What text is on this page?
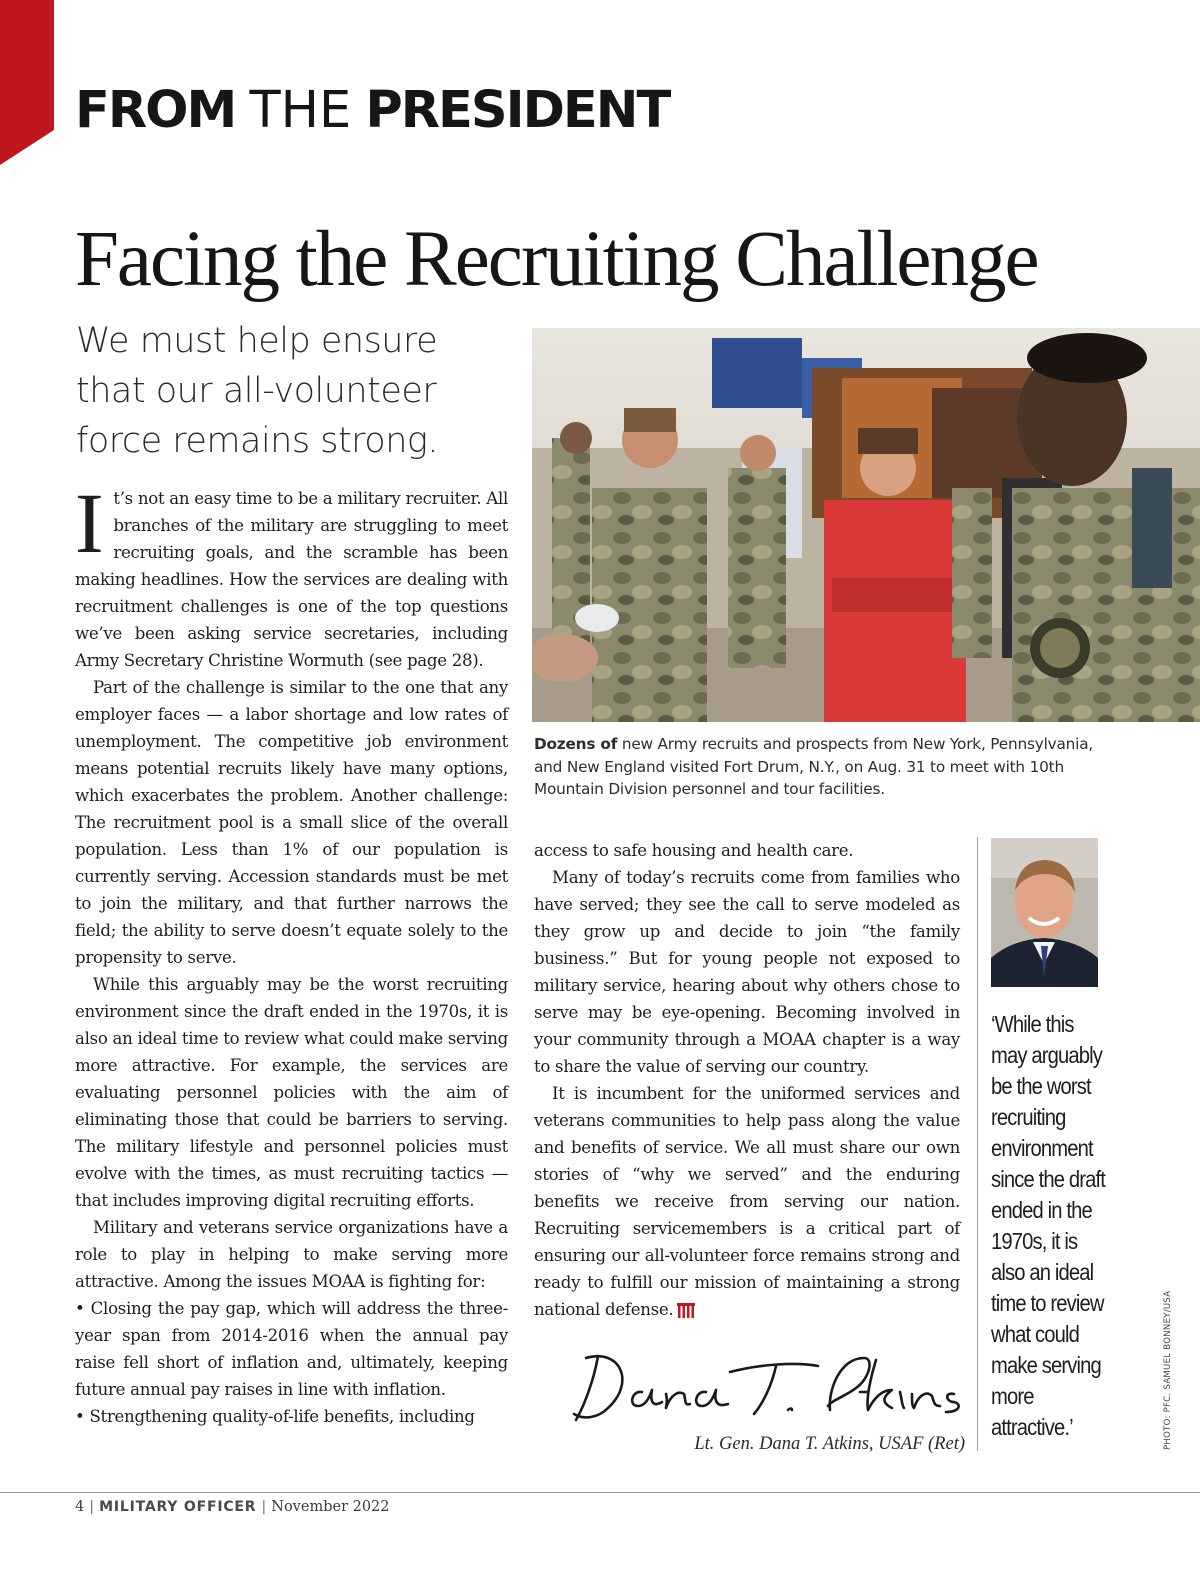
FROM THE PRESIDENT
Facing the Recruiting Challenge
We must help ensure that our all-volunteer force remains strong.

It’s not an easy time to be a military recruiter. All branches of the military are struggling to meet recruiting goals, and the scramble has been making headlines. How the services are dealing with recruitment challenges is one of the top questions we’ve been asking service secretaries, including Army Secretary Christine Wormuth (see page 28).

Part of the challenge is similar to the one that any employer faces — a labor shortage and low rates of unemployment. The competitive job environment means potential recruits likely have many options, which exacerbates the problem. Another challenge: The recruitment pool is a small slice of the overall population. Less than 1% of our population is currently serving. Accession standards must be met to join the military, and that further narrows the field; the ability to serve doesn’t equate solely to the propensity to serve.

While this arguably may be the worst recruiting environment since the draft ended in the 1970s, it is also an ideal time to review what could make serving more attractive. For example, the services are evaluating personnel policies with the aim of eliminating those that could be barriers to serving. The military lifestyle and personnel policies must evolve with the times, as must recruiting tactics — that includes improving digital recruiting efforts.

Military and veterans service organizations have a role to play in helping to make serving more attractive. Among the issues MOAA is fighting for:

• Closing the pay gap, which will address the three-year span from 2014-2016 when the annual pay raise fell short of inflation and, ultimately, keeping future annual pay raises in line with inflation.

• Strengthening quality-of-life benefits, including

Dozens of new Army recruits and prospects from New York, Pennsylvania, and New England visited Fort Drum, N.Y., on Aug. 31 to meet with 10th Mountain Division personnel and tour facilities.

access to safe housing and health care.

Many of today’s recruits come from families who have served; they see the call to serve modeled as they grow up and decide to join “the family business.” But for young people not exposed to military service, hearing about why others chose to serve may be eye-opening. Becoming involved in your community through a MOAA chapter is a way to share the value of serving our country.

It is incumbent for the uniformed services and veterans communities to help pass along the value and benefits of service. We all must share our own stories of “why we served” and the enduring benefits we receive from serving our nation. Recruiting servicemembers is a critical part of ensuring our all-volunteer force remains strong and ready to fulfill our mission of maintaining a strong national defense.

‘While this may arguably be the worst recruiting environment since the draft ended in the 1970s, it is also an ideal time to review what could make serving more attractive.’	PHOTO: PFC. SAMUEL BONNEY/USA
Lt. Gen. Dana T. Atkins, USAF (Ret)
4 | MILITARY OFFICER | November 2022
